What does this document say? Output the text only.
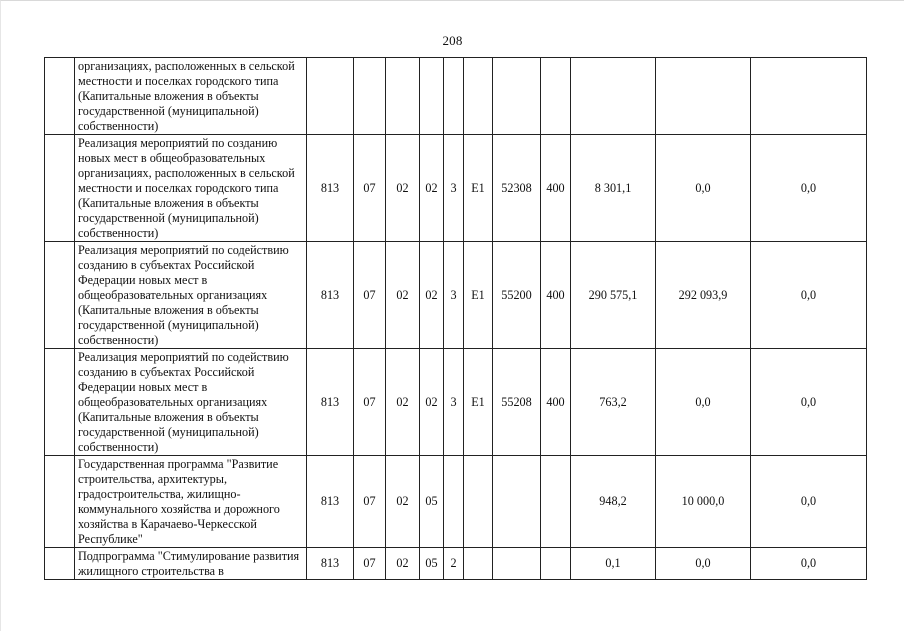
208
	организациях, расположенных в сельской местности и поселках городского типа (Капитальные вложения в объекты государственной (муниципальной) собственности)											
	Реализация мероприятий по созданию новых мест в общеобразовательных организациях, расположенных в сельской местности и поселках городского типа (Капитальные вложения в объекты государственной (муниципальной) собственности)	813	07	02	02	3	E1	52308	400	8 301,1	0,0	0,0
	Реализация мероприятий по содействию созданию в субъектах Российской Федерации новых мест в общеобразовательных организациях (Капитальные вложения в объекты государственной (муниципальной) собственности)	813	07	02	02	3	E1	55200	400	290 575,1	292 093,9	0,0
	Реализация мероприятий по содействию созданию в субъектах Российской Федерации новых мест в общеобразовательных организациях (Капитальные вложения в объекты государственной (муниципальной) собственности)	813	07	02	02	3	E1	55208	400	763,2	0,0	0,0
	Государственная программа "Развитие строительства, архитектуры, градостроительства, жилищно-коммунального хозяйства и дорожного хозяйства в Карачаево-Черкесской Республике"	813	07	02	05					948,2	10 000,0	0,0
	Подпрограмма "Стимулирование развития жилищного строительства в	813	07	02	05	2				0,1	0,0	0,0
